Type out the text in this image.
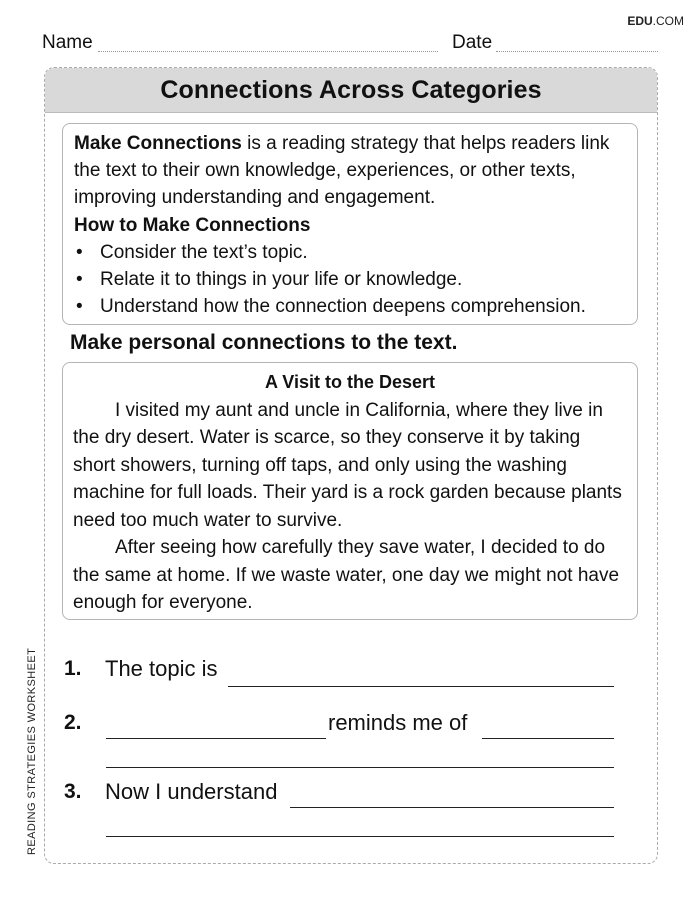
EDU.COM
Name	Date
Connections Across Categories
Make Connections is a reading strategy that helps readers link the text to their own knowledge, experiences, or other texts, improving understanding and engagement.
How to Make Connections
• Consider the text’s topic.
• Relate it to things in your life or knowledge.
• Understand how the connection deepens comprehension.
Make personal connections to the text.
A Visit to the Desert

I visited my aunt and uncle in California, where they live in the dry desert. Water is scarce, so they conserve it by taking short showers, turning off taps, and only using the washing machine for full loads. Their yard is a rock garden because plants need too much water to survive.

After seeing how carefully they save water, I decided to do the same at home. If we waste water, one day we might not have enough for everyone.

1. The topic is
2.	reminds me of
3. Now I understand
READING STRATEGIES WORKSHEET
